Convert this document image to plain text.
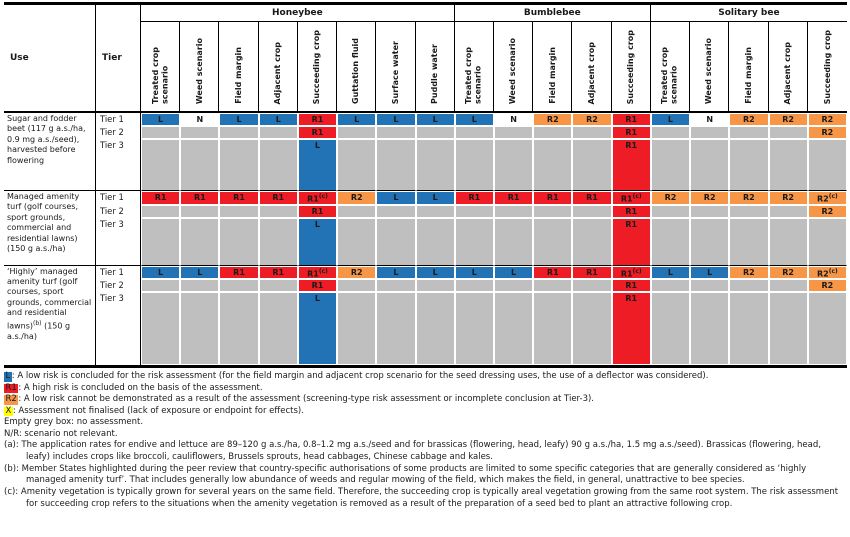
Use	Tier	Honeybee								Bumblebee					Solitary bee				
		Treated crop scenario	Weed scenario	Field margin	Adjacent crop	Succeeding crop	Guttation fluid	Surface water	Puddle water	Treated crop scenario	Weed scenario	Field margin	Adjacent crop	Succeeding crop	Treated crop scenario	Weed scenario	Field margin	Adjacent crop	Succeeding crop
Sugar and fodder beet (117 g a.s./ha, 0.9 mg a.s./seed), harvested before flowering	Tier 1	L	N	L	L	R1	L	L	L	L	N	R2	R2	R1	L	N	R2	R2	R2
	Tier 2					R1								R1					R2
	Tier 3					L								R1					
Managed amenity turf (golf courses, sport grounds, commercial and residential lawns) (150 g a.s./ha)	Tier 1	R1	R1	R1	R1	R1$^{(c)}$	R2	L	L	R1	R1	R1	R1	R1$^{(c)}$	R2	R2	R2	R2	R2$^{(c)}$
	Tier 2					R1								R1					R2
	Tier 3					L								R1					
‘Highly’ managed amenity turf (golf courses, sport grounds, commercial and residential lawns)$^{(b)}$ (150 g a.s./ha)	Tier 1	L	L	R1	R1	R1$^{(c)}$	R2	L	L	L	L	R1	R1	R1$^{(c)}$	L	L	R2	R2	R2$^{(c)}$
	Tier 2					R1								R1					R2
	Tier 3					L								R1					
L : A low risk is concluded for the risk assessment (for the field margin and adjacent crop scenario for the seed dressing uses, the use of a deflector was considered).
R1 : A high risk is concluded on the basis of the assessment.
R2 : A low risk cannot be demonstrated as a result of the assessment (screening-type risk assessment or incomplete conclusion at Tier-3).
X : Assessment not finalised (lack of exposure or endpoint for effects).
Empty grey box: no assessment.
N/R: scenario not relevant.
(a): The application rates for endive and lettuce are 89–120 g a.s./ha, 0.8–1.2 mg a.s./seed and for brassicas (flowering, head, leafy) 90 g a.s./ha, 1.5 mg a.s./seed). Brassicas (flowering, head, leafy) includes crops like broccoli, cauliflowers, Brussels sprouts, head cabbages, Chinese cabbage and kales.
(b): Member States highlighted during the peer review that country-specific authorisations of some products are limited to some specific categories that are generally considered as ‘highly managed amenity turf’. That includes generally low abundance of weeds and regular mowing of the field, which makes the field, in general, unattractive to bee species.
(c): Amenity vegetation is typically grown for several years on the same field. Therefore, the succeeding crop is typically areal vegetation growing from the same root system. The risk assessment for succeeding crop refers to the situations when the amenity vegetation is removed as a result of the preparation of a seed bed to plant an attractive following crop.
